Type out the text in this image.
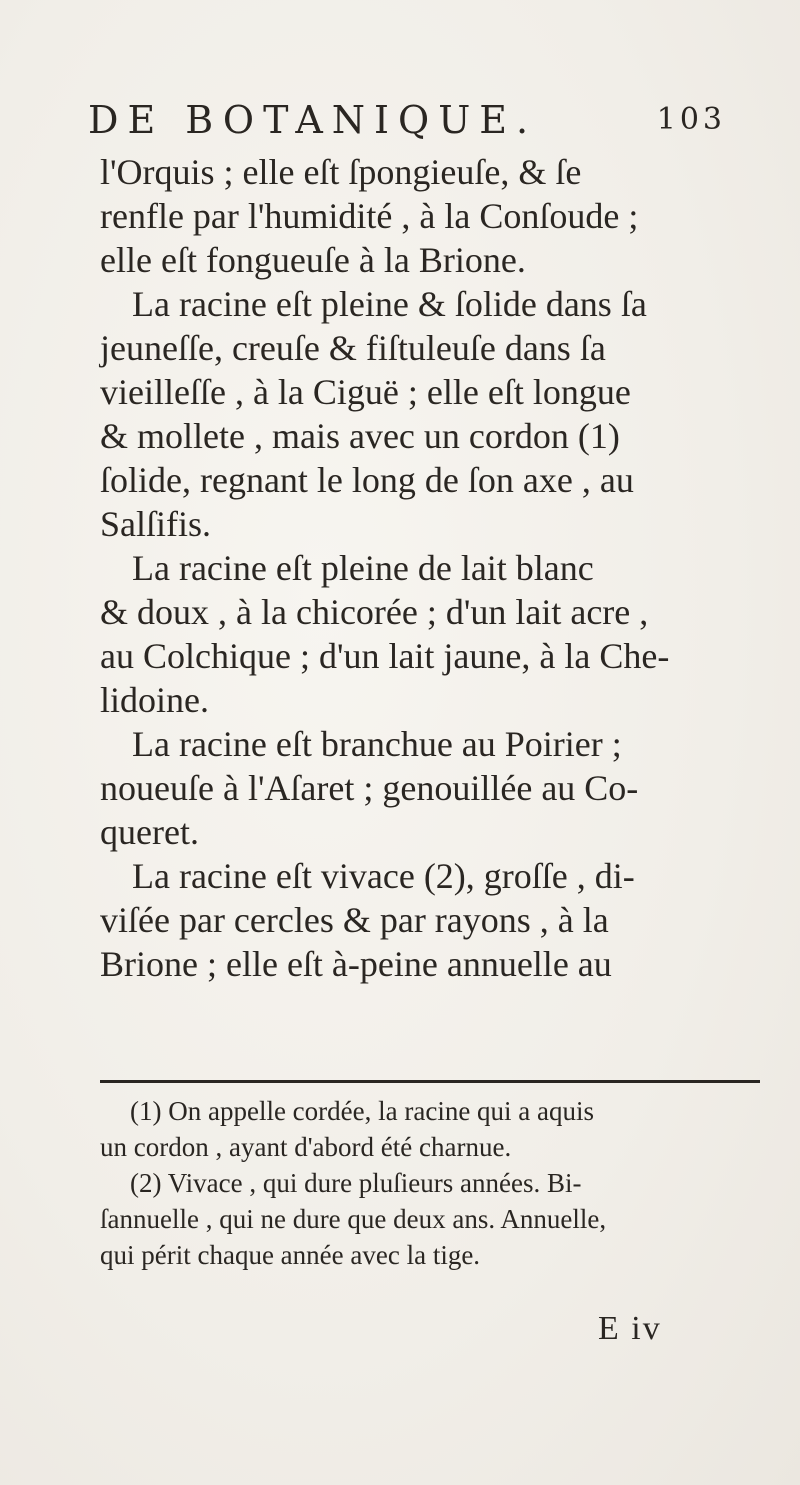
DE BOTANIQUE.	103
l'Orquis ; elle eſt ſpongieuſe, & ſe
renfle par l'humidité , à la Conſoude ;
elle eſt fongueuſe à la Brione.
La racine eſt pleine & ſolide dans ſa
jeuneſſe, creuſe & fiſtuleuſe dans ſa
vieilleſſe , à la Ciguë ; elle eſt longue
& mollete , mais avec un cordon (1)
ſolide, regnant le long de ſon axe , au
Salſifis.
La racine eſt pleine de lait blanc
& doux , à la chicorée ; d'un lait acre ,
au Colchique ; d'un lait jaune, à la Che-
lidoine.
La racine eſt branchue au Poirier ;
noueuſe à l'Aſaret ; genouillée au Co-
queret.
La racine eſt vivace (2), groſſe , di-
viſée par cercles & par rayons , à la
Brione ; elle eſt à-peine annuelle au
(1) On appelle cordée, la racine qui a aquis
un cordon , ayant d'abord été charnue.
(2) Vivace , qui dure pluſieurs années. Bi-
ſannuelle , qui ne dure que deux ans. Annuelle,
qui périt chaque année avec la tige.
E iv
